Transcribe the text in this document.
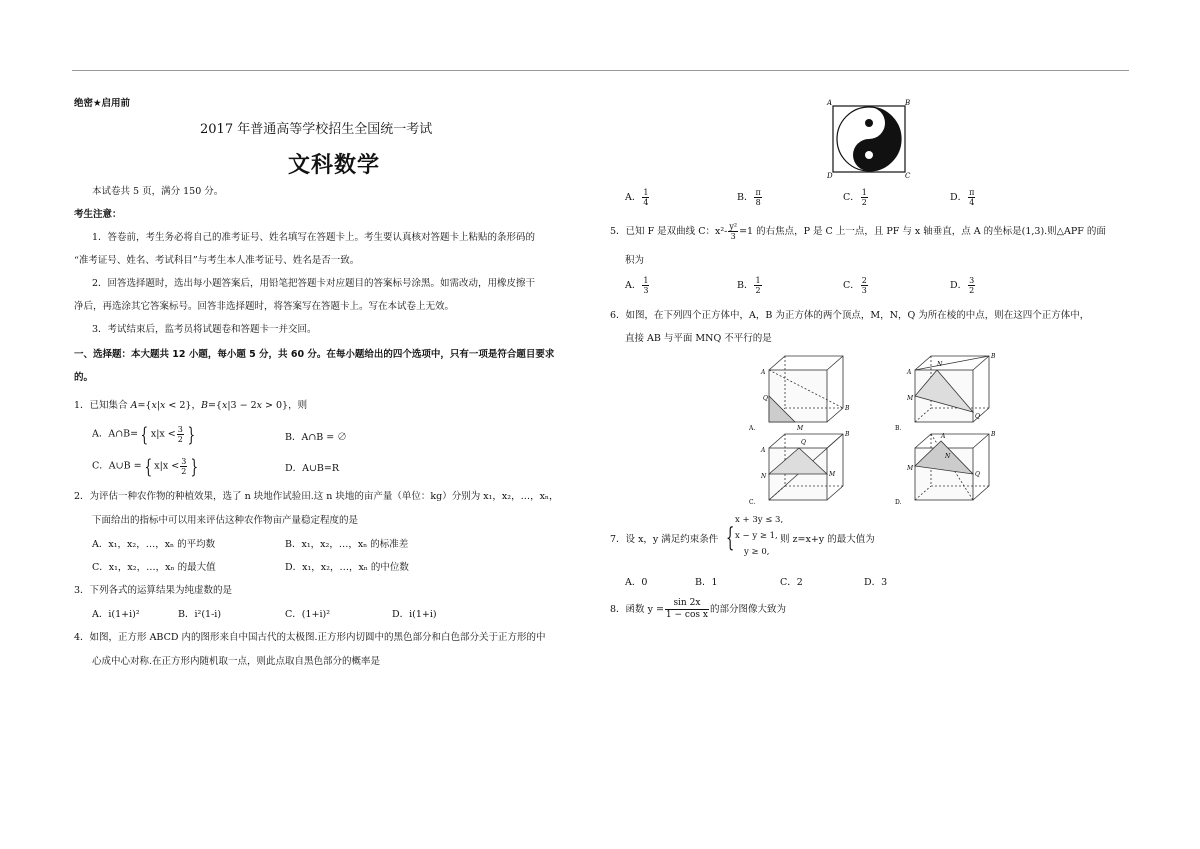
绝密★启用前
2017 年普通高等学校招生全国统一考试
文科数学
本试卷共 5 页，满分 150 分。
考生注意：
1．答卷前，考生务必将自己的准考证号、姓名填写在答题卡上。考生要认真核对答题卡上粘贴的条形码的
“准考证号、姓名、考试科目”与考生本人准考证号、姓名是否一致。
2．回答选择题时，选出每小题答案后，用铅笔把答题卡对应题目的答案标号涂黑。如需改动，用橡皮擦干
净后，再选涂其它答案标号。回答非选择题时，将答案写在答题卡上。写在本试卷上无效。
3．考试结束后，监考员将试题卷和答题卡一并交回。
一、选择题：本大题共 12 小题，每小题 5 分，共 60 分。在每小题给出的四个选项中，只有一项是符合题目要求
的。
1．已知集合 A={x|x < 2}，B={x|3 − 2x > 0}，则
A．A∩B= { $x|x < \frac{3}{2}$ }	B．A∩B = ∅
C．A∪B = { $x|x < \frac{3}{2}$ }	D．A∪B=R
2．为评估一种农作物的种植效果，选了 n 块地作试验田.这 n 块地的亩产量（单位：kg）分别为 x₁，x₂，…，xₙ，
下面给出的指标中可以用来评估这种农作物亩产量稳定程度的是
A．x₁，x₂，…，xₙ 的平均数	B．x₁，x₂，…，xₙ 的标准差
C．x₁，x₂，…，xₙ 的最大值	D．x₁，x₂，…，xₙ 的中位数
3．下列各式的运算结果为纯虚数的是
A．i(1+i)²	B．i²(1-i)	C．(1+i)²	D．i(1+i)
4．如图，正方形 ABCD 内的图形来自中国古代的太极图.正方形内切圆中的黑色部分和白色部分关于正方形的中
心成中心对称.在正方形内随机取一点，则此点取自黑色部分的概率是
A	B
D	C
A． $\frac{1}{4}$	B． $\frac{\pi}{8}$	C． $\frac{1}{2}$	D． $\frac{\pi}{4}$
5．已知 F 是双曲线 C：$x^2- \frac{\text{y²}}{3} =1$ 的右焦点，P 是 C 上一点，且 PF 与 x 轴垂直，点 A 的坐标是(1,3).则△APF 的面
积为
A． $\frac{1}{3}$	B． $\frac{1}{2}$	C． $\frac{2}{3}$	D． $\frac{3}{2}$
6．如图，在下列四个正方体中，A，B 为正方体的两个顶点，M，N，Q 为所在棱的中点，则在这四个正方体中，
直接 AB 与平面 MNQ 不平行的是
A
Q
M
B
A.
A
B
N
M
Q
B.
A
B
M
Q
N
C.
B
A
M
Q
N
D.
7．设 x，y 满足约束条件 {
x + 3y ≤ 3,
x − y ≥ 1,
y ≥ 0,
则 z=x+y 的最大值为
A．0	B．1	C．2	D．3
8．函数 $y = \frac{\sin 2x}{\text{1 − cos x}}$ 的部分图像大致为
